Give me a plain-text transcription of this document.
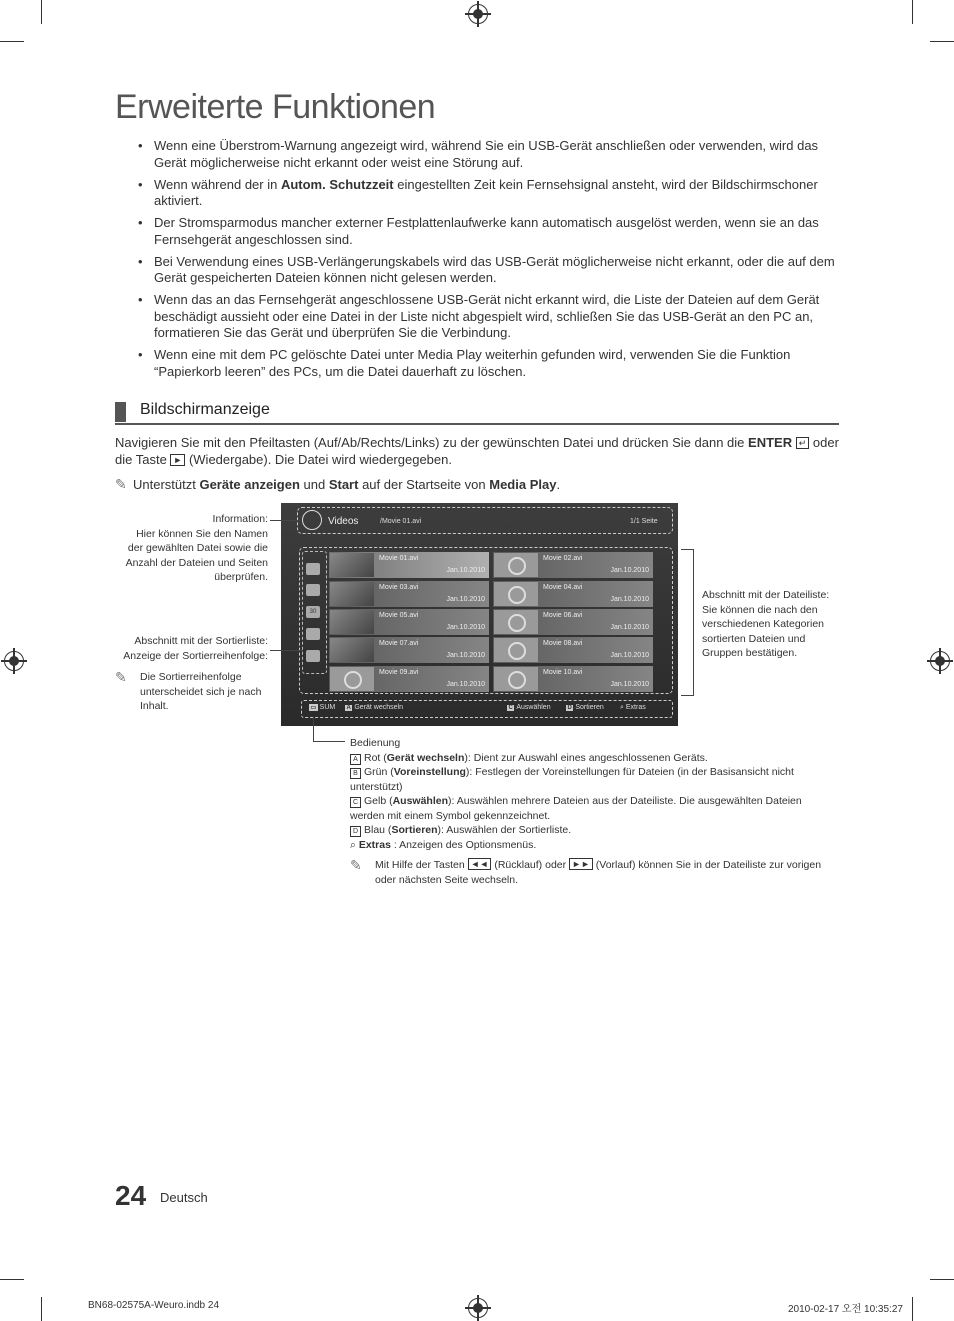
Erweiterte Funktionen
• Wenn eine Überstrom-Warnung angezeigt wird, während Sie ein USB-Gerät anschließen oder verwenden, wird das Gerät möglicherweise nicht erkannt oder weist eine Störung auf.
• Wenn während der in Autom. Schutzzeit eingestellten Zeit kein Fernsehsignal ansteht, wird der Bildschirmschoner aktiviert.
• Der Stromsparmodus mancher externer Festplattenlaufwerke kann automatisch ausgelöst werden, wenn sie an das Fernsehgerät angeschlossen sind.
• Bei Verwendung eines USB-Verlängerungskabels wird das USB-Gerät möglicherweise nicht erkannt, oder die auf dem Gerät gespeicherten Dateien können nicht gelesen werden.
• Wenn das an das Fernsehgerät angeschlossene USB-Gerät nicht erkannt wird, die Liste der Dateien auf dem Gerät beschädigt aussieht oder eine Datei in der Liste nicht abgespielt wird, schließen Sie das USB-Gerät an den PC an, formatieren Sie das Gerät und überprüfen Sie die Verbindung.
• Wenn eine mit dem PC gelöschte Datei unter Media Play weiterhin gefunden wird, verwenden Sie die Funktion “Papierkorb leeren” des PCs, um die Datei dauerhaft zu löschen.
Bildschirmanzeige
Navigieren Sie mit den Pfeiltasten (Auf/Ab/Rechts/Links) zu der gewünschten Datei und drücken Sie dann die ENTER ↵ oder die Taste ► (Wiedergabe). Die Datei wird wiedergegeben.
✎ Unterstützt Geräte anzeigen und Start auf der Startseite von Media Play.
Videos	/Movie 01.avi	1/1 Seite
30
Movie 01.avi
Jan.10.2010
Movie 02.avi
Jan.10.2010
Movie 03.avi
Jan.10.2010
Movie 04.avi
Jan.10.2010
Movie 05.avi
Jan.10.2010
Movie 06.avi
Jan.10.2010
Movie 07.avi
Jan.10.2010
Movie 08.avi
Jan.10.2010
Movie 09.avi
Jan.10.2010
Movie 10.avi
Jan.10.2010
▭ SUM A Gerät wechseln	C Auswählen	D Sortieren ⌕ Extras
Information:
Hier können Sie den Namen
der gewählten Datei sowie die
Anzahl der Dateien und Seiten
überprüfen.
Abschnitt mit der Sortierliste:
Anzeige der Sortierreihenfolge:
✎	Die Sortierreihenfolge
unterscheidet sich je nach
Inhalt.
Abschnitt mit der Dateiliste:
Sie können die nach den
verschiedenen Kategorien
sortierten Dateien und
Gruppen bestätigen.
Bedienung
A Rot (Gerät wechseln): Dient zur Auswahl eines angeschlossenen Geräts.
B Grün (Voreinstellung): Festlegen der Voreinstellungen für Dateien (in der Basisansicht nicht unterstützt)
C Gelb (Auswählen): Auswählen mehrere Dateien aus der Dateiliste. Die ausgewählten Dateien werden mit einem Symbol gekennzeichnet.
D Blau (Sortieren): Auswählen der Sortierliste.
⌕ Extras : Anzeigen des Optionsmenüs.
✎	Mit Hilfe der Tasten ◄◄ (Rücklauf) oder ►► (Vorlauf) können Sie in der Dateiliste zur vorigen oder nächsten Seite wechseln.
24 Deutsch
BN68-02575A-Weuro.indb 24	2010-02-17 오전 10:35:27
